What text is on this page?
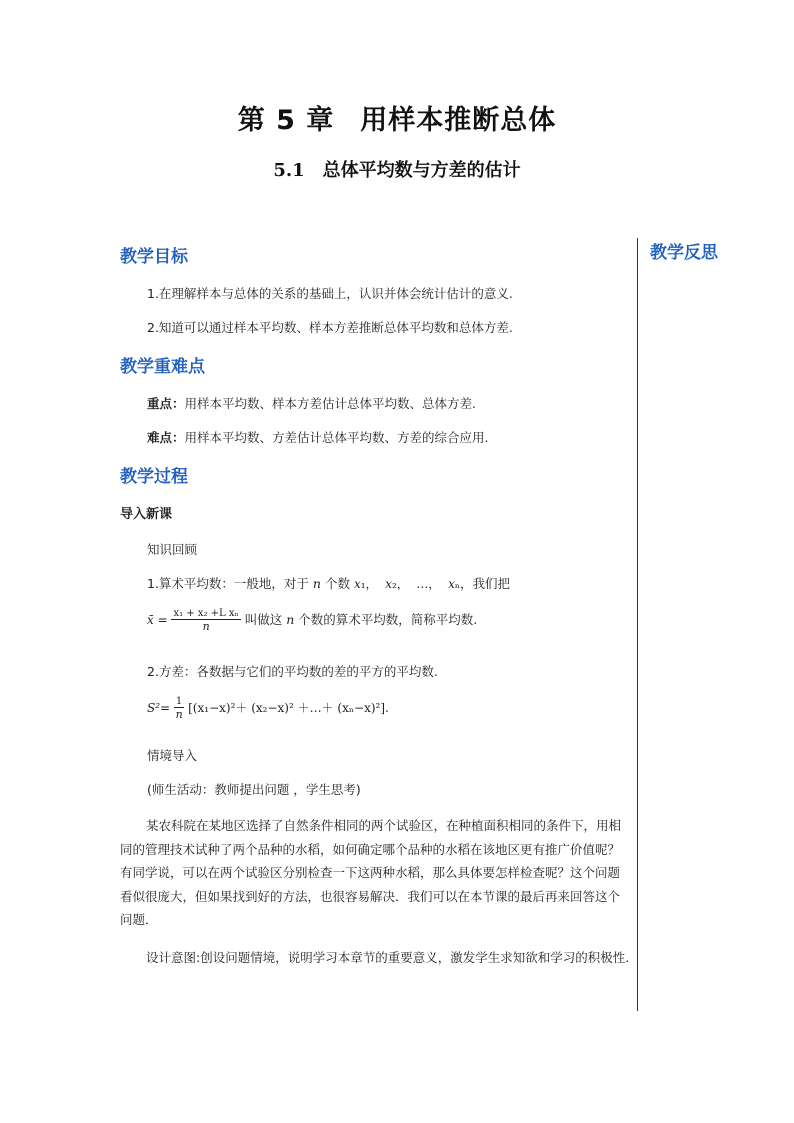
第 5 章 用样本推断总体
5.1 总体平均数与方差的估计
教学反思
教学目标
1.在理解样本与总体的关系的基础上，认识并体会统计估计的意义.
2.知道可以通过样本平均数、样本方差推断总体平均数和总体方差.
教学重难点
重点：用样本平均数、样本方差估计总体平均数、总体方差.
难点：用样本平均数、方差估计总体平均数、方差的综合应用.
教学过程
导入新课
知识回顾
1.算术平均数：一般地，对于 n 个数 x₁，  x₂，  …，  xₙ，我们把
x̄ = $\frac{\text{x₁ + x₂ +L xₙ}}{n}$ 叫做这 n 个数的算术平均数，简称平均数.
2.方差：各数据与它们的平均数的差的平方的平均数.
$S^2= \frac{1}{n} [(x_1-x)^2+ (x_2-x)^2$ ＋…＋ (xₙ−x)²].
情境导入
(师生活动：教师提出问题 ，学生思考)
某农科院在某地区选择了自然条件相同的两个试验区，在种植面积相同的条件下，用相同的管理技术试种了两个品种的水稻，如何确定哪个品种的水稻在该地区更有推广价值呢？有同学说，可以在两个试验区分别检查一下这两种水稻，那么具体要怎样检查呢？这个问题看似很庞大，但如果找到好的方法，也很容易解决．我们可以在本节课的最后再来回答这个问题．
设计意图:创设问题情境，说明学习本章节的重要意义，激发学生求知欲和学习的积极性.
